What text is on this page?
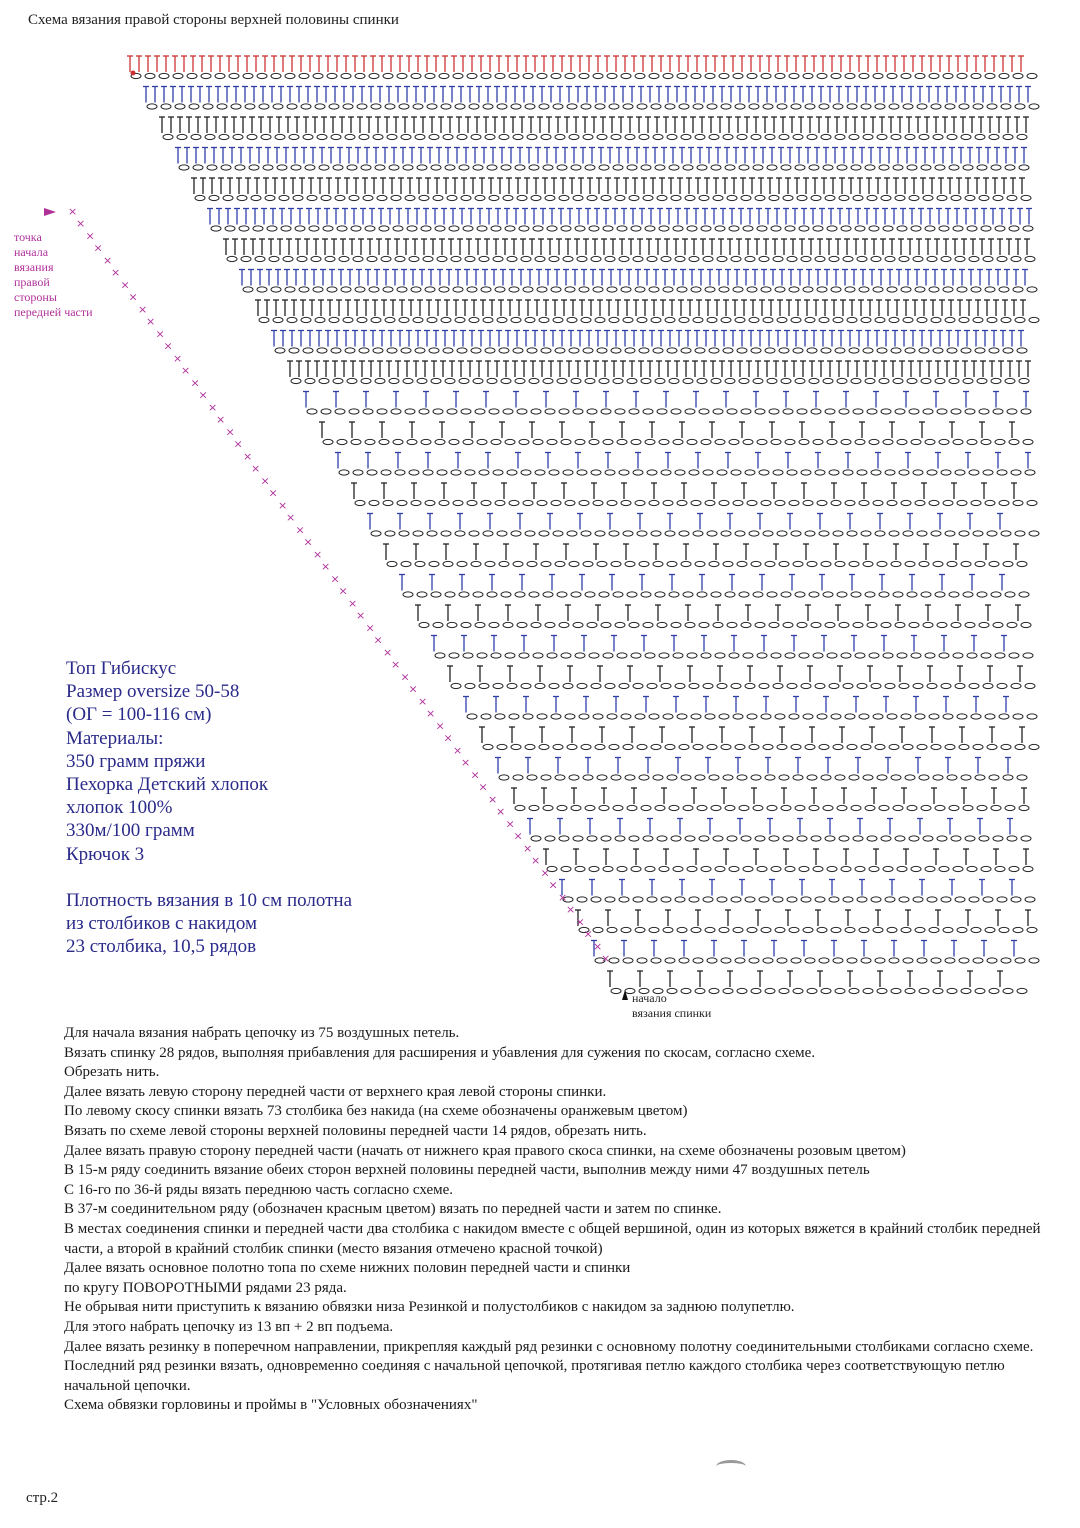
Схема вязания правой стороны верхней половины спинки
×
×
×
×
×
×
×
×
×
×
×
×
×
×
×
×
×
×
×
×
×
×
×
×
×
×
×
×
×
×
×
×
×
×
×
×
×
×
×
×
×
×
×
×
×
×
×
×
×
×
×
×
×
×
×
×
×
×
×
×
×
×
точка
начала
вязания
правой
стороны
передней части
начало
вязания спинки
Топ Гибискус
Размер oversize 50-58
(ОГ = 100-116 см)
Материалы:
350 грамм пряжи
Пехорка Детский хлопок
хлопок 100%
330м/100 грамм
Крючок 3
Плотность вязания в 10 см полотна
из столбиков с накидом
23 столбика, 10,5 рядов

Для начала вязания набрать цепочку из 75 воздушных петель.

Вязать спинку 28 рядов, выполняя прибавления для расширения и убавления для сужения по скосам, согласно схеме.

Обрезать нить.

Далее вязать левую сторону передней части от верхнего края левой стороны спинки.

По левому скосу спинки вязать 73 столбика без накида (на схеме обозначены оранжевым цветом)

Вязать по схеме левой стороны верхней половины передней части 14 рядов, обрезать нить.

Далее вязать правую сторону передней части (начать от нижнего края правого скоса спинки, на схеме обозначены розовым цветом)

В 15-м ряду соединить вязание обеих сторон верхней половины передней части, выполнив между ними 47 воздушных петель

С 16-го по 36-й ряды вязать переднюю часть согласно схеме.

В 37-м соединительном ряду (обозначен красным цветом) вязать по передней части и затем по спинке.

В местах соединения спинки и передней части два столбика с накидом вместе с общей вершиной, один из которых вяжется в крайний столбик передней части, а второй в крайний столбик спинки (место вязания отмечено красной точкой)

Далее вязать основное полотно топа по схеме нижних половин передней части и спинки

по кругу ПОВОРОТНЫМИ рядами 23 ряда.

Не обрывая нити приступить к вязанию обвязки низа Резинкой и полустолбиков с накидом за заднюю полупетлю.

Для этого набрать цепочку из 13 вп + 2 вп подъема.

Далее вязать резинку в поперечном направлении, прикрепляя каждый ряд резинки с основному полотну соединительными столбиками согласно схеме.

Последний ряд резинки вязать, одновременно соединяя с начальной цепочкой, протягивая петлю каждого столбика через соответствующую петлю начальной цепочки.

Схема обвязки горловины и проймы в "Условных обозначениях"

стр.2
